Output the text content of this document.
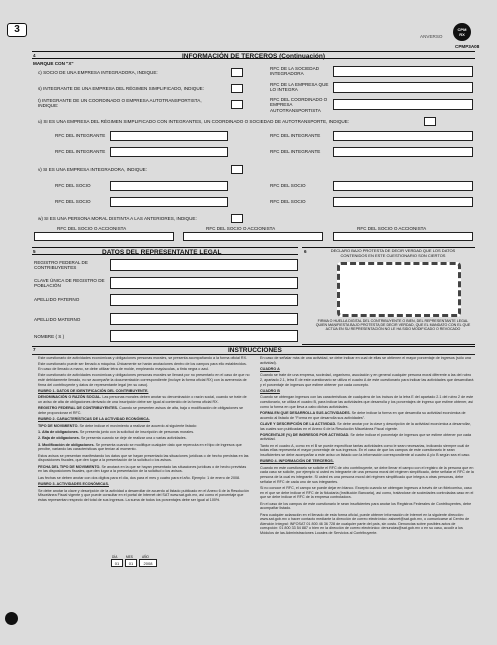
3
ANVERSO
CPM
RX
CPMP3A08
4	INFORMACIÓN DE TERCEROS (Continuación)
MARQUE CON "X"
c) SOCIO DE UNA EMPRESA INTEGRADORA, INDIQUE:
RFC DE LA SOCIEDAD INTEGRADORA
s) INTEGRANTE DE UNA EMPRESA DEL RÉGIMEN SIMPLIFICADO, INDIQUE:
RFC DE LA EMPRESA QUE LO INTEGRA
t) INTEGRANTE DE UN COORDINADO O EMPRESA AUTOTRANSPORTISTA, INDIQUE:
RFC DEL COORDINADO O EMPRESA AUTOTRANSPORTISTA
u) SI ES UNA EMPRESA DEL RÉGIMEN SIMPLIFICADO CON INTEGRANTES, UN COORDINADO O SOCIEDAD DE AUTOTRANSPORTE, INDIQUE:
RFC DEL INTEGRANTE	RFC DEL INTEGRANTE
RFC DEL INTEGRANTE	RFC DEL INTEGRANTE
v) SI ES UNA EMPRESA INTEGRADORA, INDIQUE:
RFC DEL SOCIO	RFC DEL SOCIO
RFC DEL SOCIO	RFC DEL SOCIO
w) SI ES UNA PERSONA MORAL DISTINTA A LAS ANTERIORES, INDIQUE:
RFC DEL SOCIO O ACCIONISTA	RFC DEL SOCIO O ACCIONISTA	RFC DEL SOCIO O ACCIONISTA
5	DATOS DEL REPRESENTANTE LEGAL
REGISTRO FEDERAL DE CONTRIBUYENTES
CLAVE ÚNICA DE REGISTRO DE POBLACIÓN
APELLIDO PATERNO
APELLIDO MATERNO
NOMBRE ( S )
6	DECLARO BAJO PROTESTA DE DECIR VERDAD QUE LOS DATOS CONTENIDOS EN ESTE CUESTIONARIO SON CIERTOS
FIRMA O HUELLA DIGITAL DEL CONTRIBUYENTE O BIEN, DEL REPRESENTANTE LEGAL QUIEN MANIFIESTA BAJO PROTESTA DE DECIR VERDAD, QUE EL MANDATO CON EL QUE ACTÚA EN SU REPRESENTACIÓN NO LE HA SIDO MODIFICADO O REVOCADO
7	INSTRUCCIONES

Este cuestionario de actividades económicas y obligaciones personas morales, se presenta acompañando a la forma oficial RX.

Este cuestionario puede ser llenado a máquina. Únicamente se harán anotaciones dentro de los campos para ello establecidos. En caso de llenado a mano, se debe utilizar letra de molde, empleando mayúsculas, a tinta negra o azul.

Este cuestionario de actividades económicas y obligaciones personas morales se llenará por no presentarlo en el caso de que no esté debidamente llenado, no se acompañe la documentación correspondiente (incluye la forma oficial RX) con la avenencia de firma del contribuyente y datos de representante legal (en su caso).

RUBRO 1. DATOS DE IDENTIFICACIÓN DEL CONTRIBUYENTE.

DENOMINACIÓN O RAZÓN SOCIAL. Las personas morales deben anotar su denominación o razón social, cuando se trate de un aviso de alta de obligaciones derivado de una inscripción debe ser igual al contenido de la forma oficial RX.

REGISTRO FEDERAL DE CONTRIBUYENTES. Cuando se presenten avisos de alta, baja o modificación de obligaciones se debe proporcionar el RFC.

RUBRO 2. CARACTERÍSTICAS DE LA ACTIVIDAD ECONÓMICA.

TIPO DE MOVIMIENTO. Se debe indicar el movimiento a realizar de acuerdo al siguiente listado:

1. Alta de obligaciones. Se presenta junto con la solicitud de inscripción de personas morales.

2. Baja de obligaciones. Se presenta cuando se deje de realizar una o varias actividades.

3. Modificación de obligaciones. Se presenta cuando se modifique cualquier dato que repercuta en el tipo de ingresos que percibe, variando las características que tenían al momento.

Estos avisos se presentan manifestando los datos que se hayan presentado las situaciones jurídicas o de hecho previstas en las disposiciones fiscales, que den lugar a la presentación de la solicitud o los avisos.

FECHA DEL TIPO DE MOVIMIENTO. Se anotará en la que se hayan presentado las situaciones jurídicas o de hecho previstas en las disposiciones fiscales, que den lugar a la presentación de la solicitud o los avisos.

Las fechas se deben anotar con dos dígitos para el día, dos para el mes y cuatro para el año. Ejemplo: 1 de enero de 2008.

RUBRO 3. ACTIVIDADES ECONÓMICAS.

Se debe anotar la clave y descripción de la actividad a desarrollar de acuerdo al listado publicado en el Anexo 6 de la Resolución Miscelánea Fiscal vigente y que puede consultar en el portal de Internet del SAT www.sat.gob.mx, así como el porcentaje que éstas representan respecto del total de sus ingresos. La suma de todos los porcentajes debe ser igual al 100%.

En caso de señalar más de una actividad, se debe indicar en cual de ellas se obtienen el mayor porcentaje de ingresos (sólo una actividad).

CUADRO A

Cuando se trate de una empresa, sociedad, organismo, asociación y en general cualquier persona moral diferente a las del rubro 2, apartado 2.1, letra E de este cuestionario se utiliza el cuadro A de este cuestionario para indicar las actividades que desarrollará y el porcentaje de ingresos que estime obtener por cada concepto.

CUADRO B

Cuando se obtengan ingresos con las características de cualquiera de los incisos de la letra E del apartado 2.1 del rubro 2 de este cuestionario, se utiliza el cuadro B, para indicar las actividades que desarrolla y los porcentajes de ingreso que estime obtener, así como la forma en que lleva a cabo dichas actividades.

FORMA EN QUE DESARROLLA SUS ACTIVIDADES. Se debe indicar la forma en que desarrolla su actividad económica de acuerdo al listado de "Forma en que desarrolla sus actividades".

CLAVE Y DESCRIPCIÓN DE LA ACTIVIDAD. Se debe anotar por la clave y descripción de la actividad económica a desarrollar, las cuales son publicadas en el Anexo 6 de la Resolución Miscelánea Fiscal vigente.

PORCENTAJE (%) DE INGRESOS POR ACTIVIDAD. Se debe indicar el porcentaje de ingresos que se estime obtener por cada actividad.

Tanto en el cuadro A, como en el B se puede especificar tantas actividades como le sean necesarias, indicando siempre cuál de todas ellas representa el mayor porcentaje de sus ingresos. En el caso de que los campos de este cuestionario le sean insuficientes se debe acompañar a este aviso un listado con la información correspondiente al cuadro A y/o B según sea el caso.

RUBRO 4. INFORMACIÓN DE TERCEROS.

Cuando en este cuestionario se solicite el RFC de otro contribuyente, se debe llenar el campo con el registro de la persona que en cada caso se solicite, por ejemplo si usted es integrante de una persona moral del régimen simplificado, debe señalar el RFC de la persona de la cual es integrante. Si usted es una persona moral del régimen simplificado que integra a otras personas, debe señalar el RFC de cada uno de sus integrantes.

Si no conoce el RFC, el campo se puede dejar en blanco. Excepto cuando se obtengan ingresos a través de un fideicomiso, caso en el que se debe indicar el RFC de la fiduciaria (Institución Bancaria), así como, tratándose de sociedades controladas caso en el que se debe indicar el RFC de la empresa controladora.

En el caso de los campos de este cuestionario le sean insuficientes para anotar los Registros Federales de Contribuyentes, debe acompañar listado.

Para cualquier aclaración en el llenado de esta forma oficial, puede obtener información de Internet en la siguiente dirección: www.sat.gob.mx o hacer contacto mediante la dirección de correo electrónico: asisnet@sat.gob.mx, o comunicarse al Centro de Atención Integral: INFOSAT 01 800 46 36 728 de cualquier parte del país, sin costo. Denuncias sobre posibles actos de corrupción: 01 800 33 54 887 o bien en la dirección de correo electrónico: denuncias@sat.gob.mx o en su caso, acudir a los Módulos de las Administraciones Locales de Servicios al Contribuyente.

DÍA	MES	AÑO
01	01	2008
